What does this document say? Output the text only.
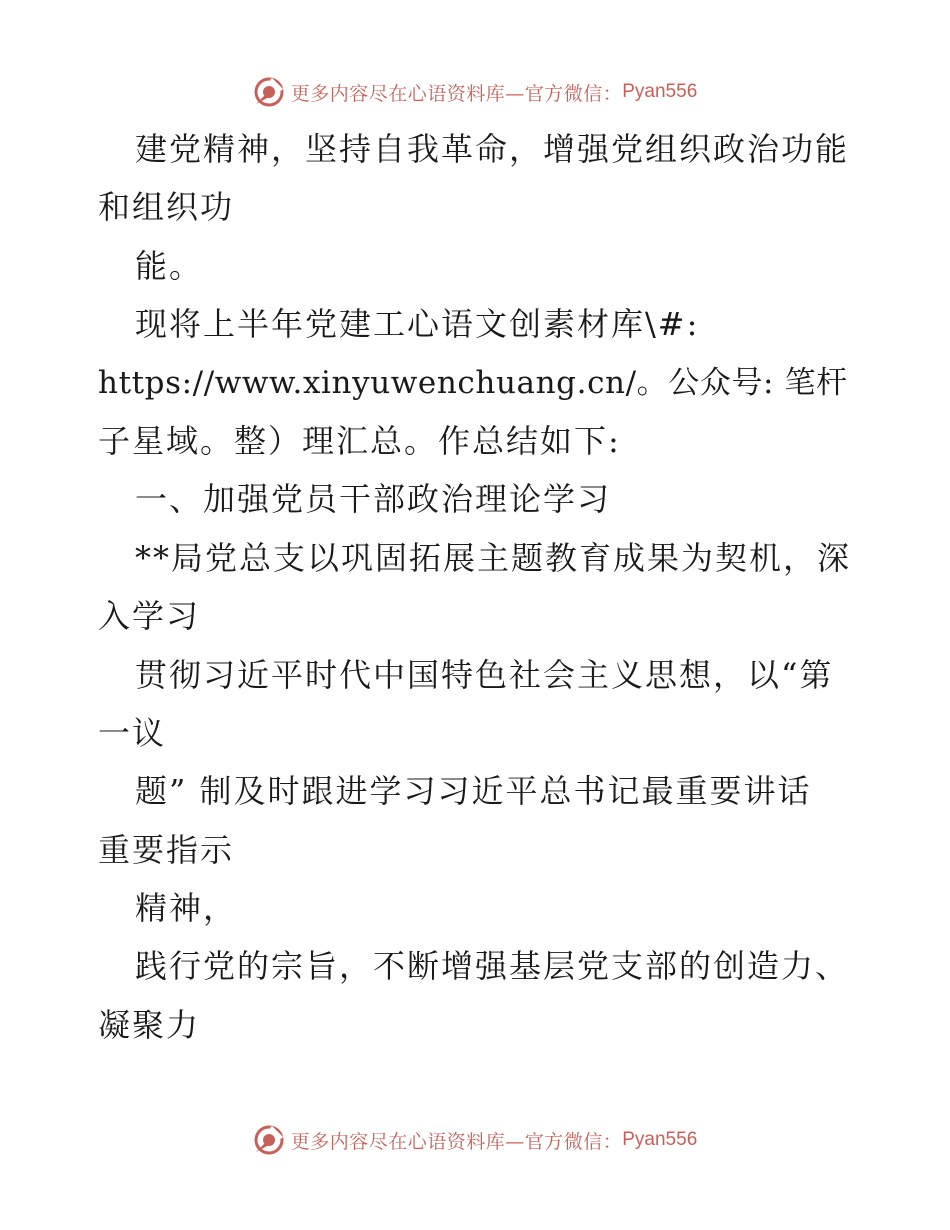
更多内容尽在心语资料库—官方微信： Pyan556
建党精神，坚持自我革命，增强党组织政治功能
和组织功
能。
现将上半年党建工心语文创素材库\#:
https://www.xinyuwenchuang.cn/。公众号: 笔杆
子星域。整）理汇总。作总结如下:
一、加强党员干部政治理论学习
**局党总支以巩固拓展主题教育成果为契机，深
入学习
贯彻习近平时代中国特色社会主义思想，以“第
一议
题” 制及时跟进学习习近平总书记最重要讲话
重要指示
精神，
践行党的宗旨，不断增强基层党支部的创造力、
凝聚力
更多内容尽在心语资料库—官方微信： Pyan556
